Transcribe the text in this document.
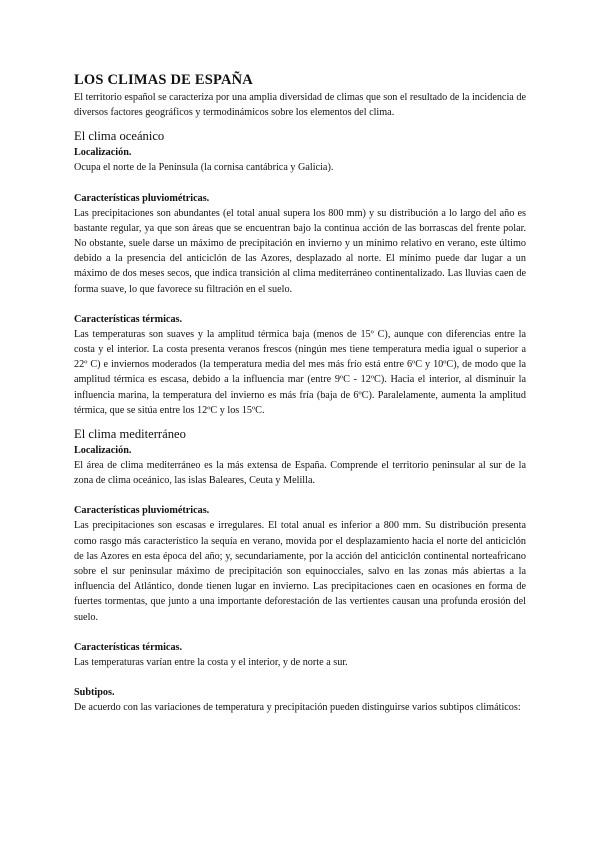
LOS CLIMAS DE ESPAÑA

El territorio español se caracteriza por una amplia diversidad de climas que son el resultado de la incidencia de diversos factores geográficos y termodinámicos sobre los elementos del clima.

El clima oceánico
Localización.

Ocupa el norte de la Península (la cornisa cantábrica y Galicia).

Características pluviométricas.

Las precipitaciones son abundantes (el total anual supera los 800 mm) y su distribución a lo largo del año es bastante regular, ya que son áreas que se encuentran bajo la continua acción de las borrascas del frente polar. No obstante, suele darse un máximo de precipitación en invierno y un mínimo relativo en verano, este último debido a la presencia del anticiclón de las Azores, desplazado al norte. El mínimo puede dar lugar a un máximo de dos meses secos, que indica transición al clima mediterráneo continentalizado. Las lluvias caen de forma suave, lo que favorece su filtración en el suelo.

Características térmicas.

Las temperaturas son suaves y la amplitud térmica baja (menos de 15º C), aunque con diferencias entre la costa y el interior. La costa presenta veranos frescos (ningún mes tiene temperatura media igual o superior a 22º C) e inviernos moderados (la temperatura media del mes más frío está entre 6ºC y 10ºC), de modo que la amplitud térmica es escasa, debido a la influencia mar (entre 9ºC - 12ºC). Hacia el interior, al disminuir la influencia marina, la temperatura del invierno es más fría (baja de 6ºC). Paralelamente, aumenta la amplitud térmica, que se sitúa entre los 12ºC y los 15ºC.

El clima mediterráneo
Localización.

El área de clima mediterráneo es la más extensa de España. Comprende el territorio peninsular al sur de la zona de clima oceánico, las islas Baleares, Ceuta y Melilla.

Características pluviométricas.

Las precipitaciones son escasas e irregulares. El total anual es inferior a 800 mm. Su distribución presenta como rasgo más característico la sequía en verano, movida por el desplazamiento hacia el norte del anticiclón de las Azores en esta época del año; y, secundariamente, por la acción del anticiclón continental norteafricano sobre el sur peninsular máximo de precipitación son equinocciales, salvo en las zonas más abiertas a la influencia del Atlántico, donde tienen lugar en invierno. Las precipitaciones caen en ocasiones en forma de fuertes tormentas, que junto a una importante deforestación de las vertientes causan una profunda erosión del suelo.

Características térmicas.

Las temperaturas varían entre la costa y el interior, y de norte a sur.

Subtipos.

De acuerdo con las variaciones de temperatura y precipitación pueden distinguirse varios subtipos climáticos:
